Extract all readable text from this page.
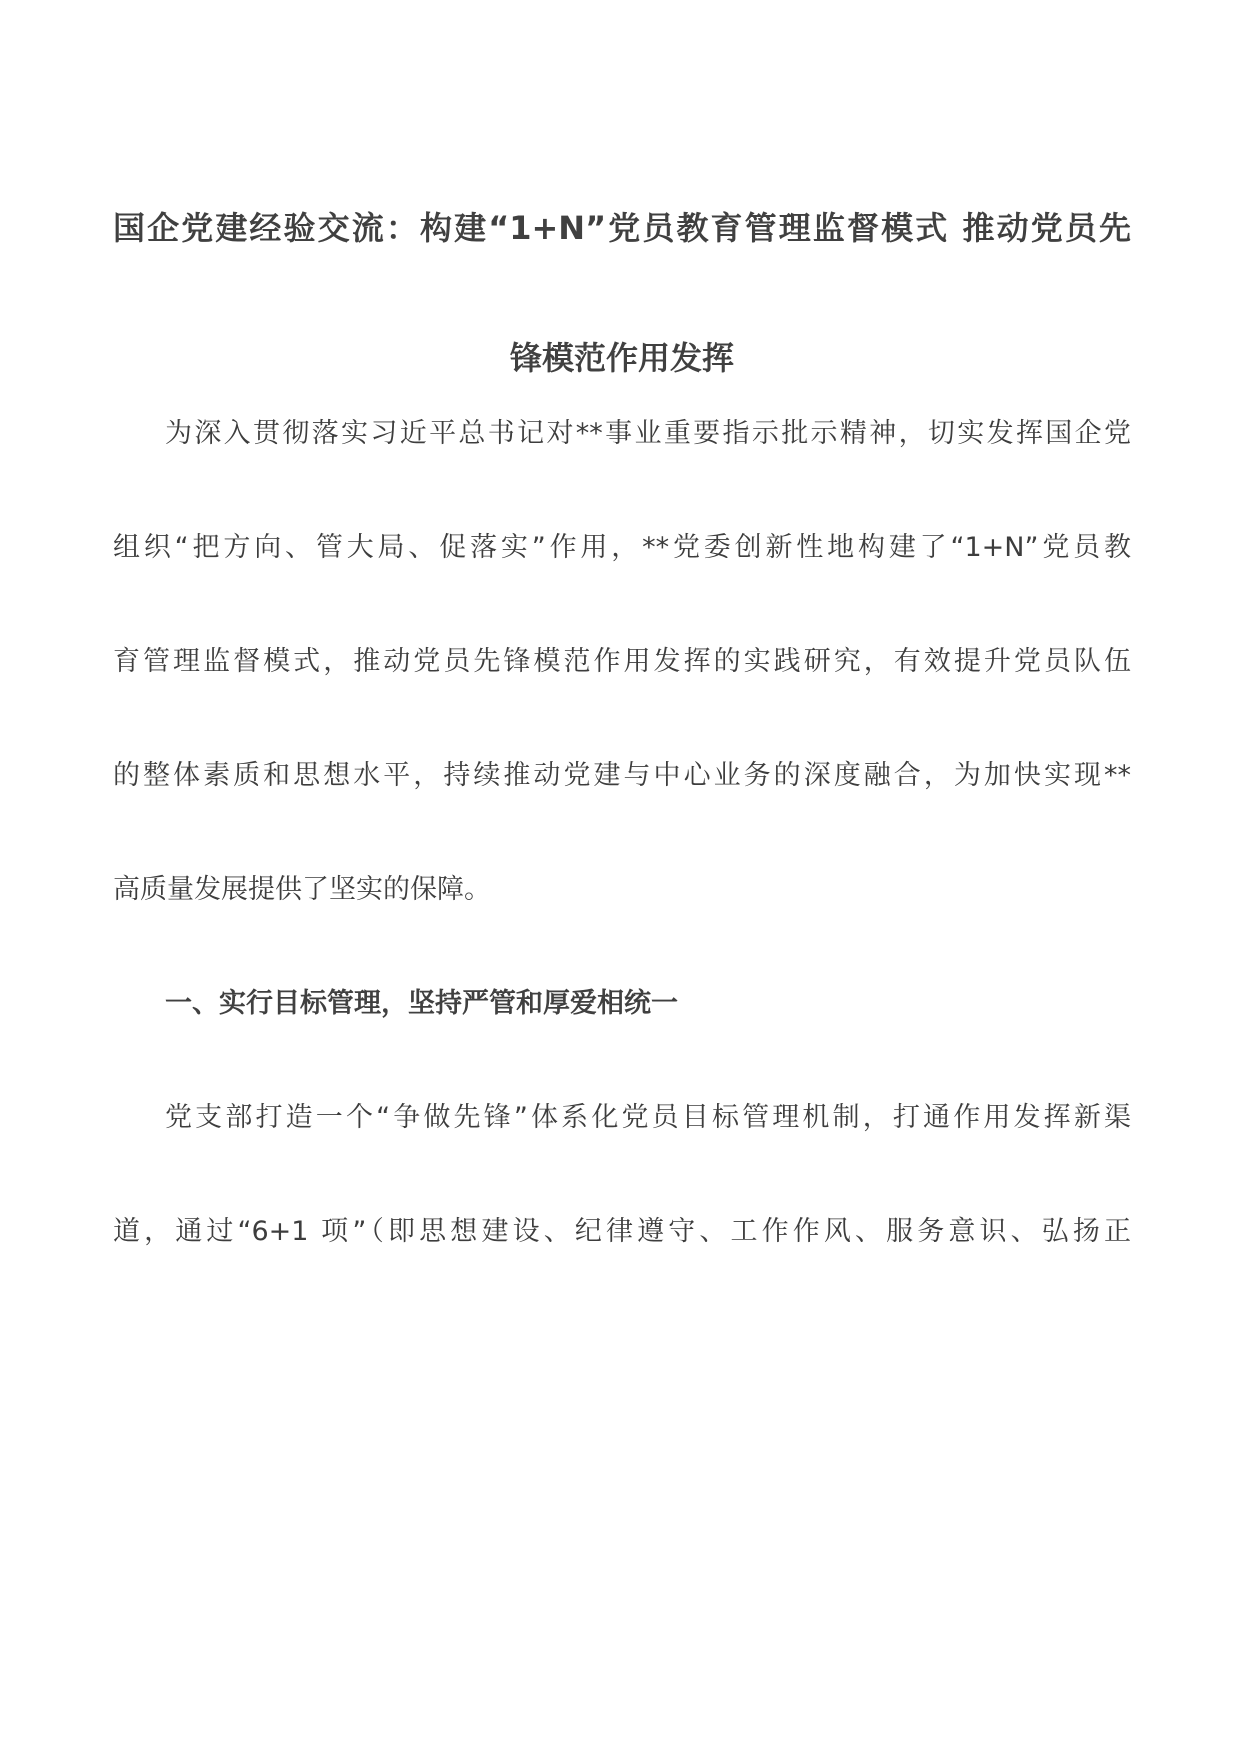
国企党建经验交流：构建“1+N”党员教育管理监督模式 推动党员先
锋模范作用发挥
为深入贯彻落实习近平总书记对**事业重要指示批示精神，切实发挥国企党
组织“把方向、管大局、促落实”作用，**党委创新性地构建了“1+N”党员教
育管理监督模式，推动党员先锋模范作用发挥的实践研究，有效提升党员队伍
的整体素质和思想水平，持续推动党建与中心业务的深度融合，为加快实现**
高质量发展提供了坚实的保障。
一、实行目标管理，坚持严管和厚爱相统一
党支部打造一个“争做先锋”体系化党员目标管理机制，打通作用发挥新渠
道，通过“6+1 项”（即思想建设、纪律遵守、工作作风、服务意识、弘扬正
